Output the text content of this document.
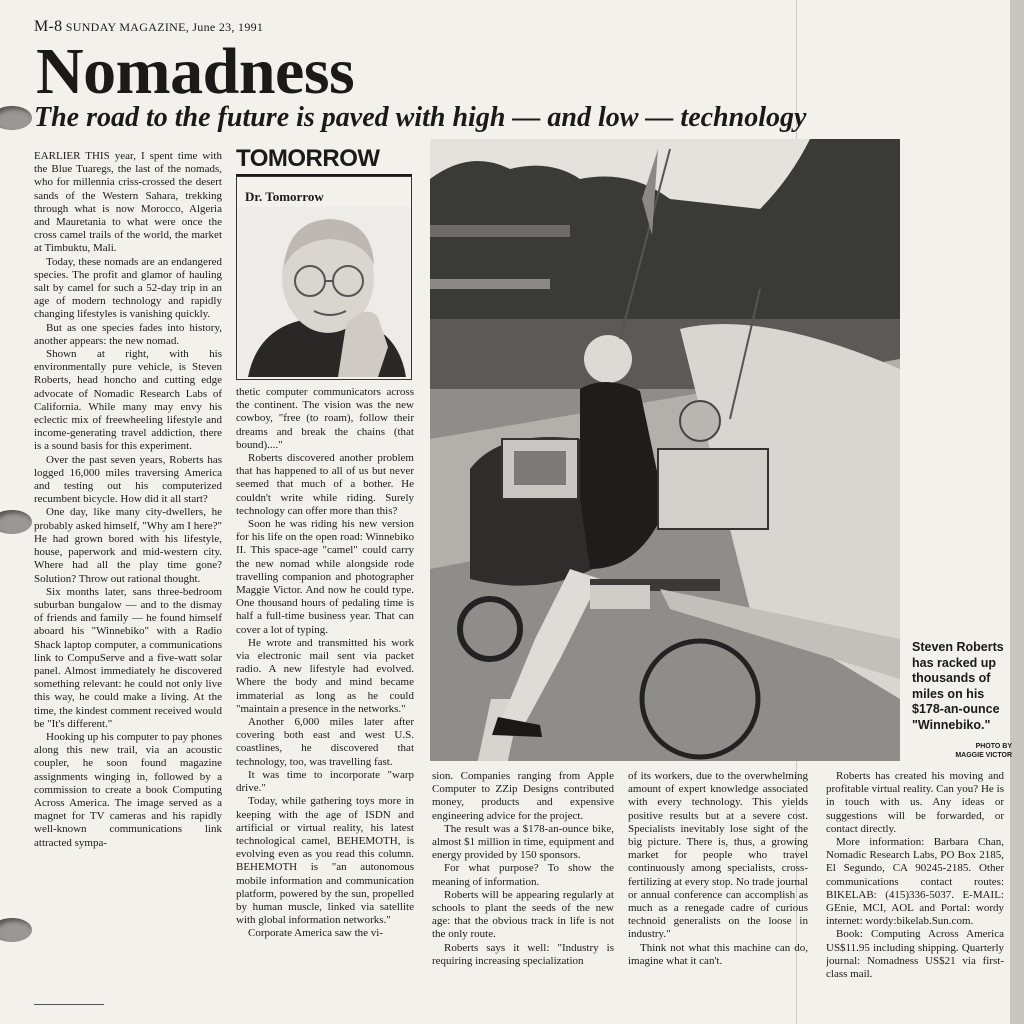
M-8 SUNDAY MAGAZINE, June 23, 1991
Nomadness
The road to the future is paved with high — and low — technology

EARLIER THIS year, I spent time with the Blue Tuaregs, the last of the nomads, who for millennia criss-crossed the desert sands of the Western Sahara, trekking through what is now Morocco, Algeria and Mauretania to what were once the cross camel trails of the world, the market at Timbuktu, Mali.

Today, these nomads are an endangered species. The profit and glamor of hauling salt by camel for such a 52-day trip in an age of modern technology and rapidly changing lifestyles is vanishing quickly.

But as one species fades into history, another appears: the new nomad.

Shown at right, with his environmentally pure vehicle, is Steven Roberts, head honcho and cutting edge advocate of Nomadic Research Labs of California. While many may envy his eclectic mix of freewheeling lifestyle and income-generating travel addiction, there is a sound basis for this experiment.

Over the past seven years, Roberts has logged 16,000 miles traversing America and testing out his computerized recumbent bicycle. How did it all start?

One day, like many city-dwellers, he probably asked himself, "Why am I here?" He had grown bored with his lifestyle, house, paperwork and mid-western city. Where had all the play time gone? Solution? Throw out rational thought.

Six months later, sans three-bedroom suburban bungalow — and to the dismay of friends and family — he found himself aboard his "Winnebiko" with a Radio Shack laptop computer, a communications link to CompuServe and a five-watt solar panel. Almost immediately he discovered something relevant: he could not only live this way, he could make a living. At the time, the kindest comment received would be "It's different."

Hooking up his computer to pay phones along this new trail, via an acoustic coupler, he soon found magazine assignments winging in, followed by a commission to create a book Computing Across America. The image served as a magnet for TV cameras and his rapidly well-known communications link attracted sympa-

TOMORROW
Dr. Tomorrow

thetic computer communicators across the continent. The vision was the new cowboy, "free (to roam), follow their dreams and break the chains (that bound)...."

Roberts discovered another problem that has happened to all of us but never seemed that much of a bother. He couldn't write while riding. Surely technology can offer more than this?

Soon he was riding his new version for his life on the open road: Winnebiko II. This space-age "camel" could carry the new nomad while alongside rode travelling companion and photographer Maggie Victor. And now he could type. One thousand hours of pedaling time is half a full-time business year. That can cover a lot of typing.

He wrote and transmitted his work via electronic mail sent via packet radio. A new lifestyle had evolved. Where the body and mind became immaterial as long as he could "maintain a presence in the networks."

Another 6,000 miles later after covering both east and west U.S. coastlines, he discovered that technology, too, was travelling fast.

It was time to incorporate "warp drive."

Today, while gathering toys more in keeping with the age of ISDN and artificial or virtual reality, his latest technological camel, BEHEMOTH, is evolving even as you read this column. BEHEMOTH is "an autonomous mobile information and communication platform, powered by the sun, propelled by human muscle, linked via satellite with global information networks."

Corporate America saw the vi-

Steven Roberts has racked up thousands of miles on his $178-an-ounce "Winnebiko."
PHOTO BY
MAGGIE VICTOR

sion. Companies ranging from Apple Computer to ZZip Designs contributed money, products and expensive engineering advice for the project.

The result was a $178-an-ounce bike, almost $1 million in time, equipment and energy provided by 150 sponsors.

For what purpose? To show the meaning of information.

Roberts will be appearing regularly at schools to plant the seeds of the new age: that the obvious track in life is not the only route.

Roberts says it well: "Industry is requiring increasing specialization

of its workers, due to the overwhelming amount of expert knowledge associated with every technology. This yields positive results but at a severe cost. Specialists inevitably lose sight of the big picture. There is, thus, a growing market for people who travel continuously among specialists, cross-fertilizing at every stop. No trade journal or annual conference can accomplish as much as a renegade cadre of curious technoid generalists on the loose in industry."

Think not what this machine can do, imagine what it can't.

Roberts has created his moving and profitable virtual reality. Can you? He is in touch with us. Any ideas or suggestions will be forwarded, or contact directly.

More information: Barbara Chan, Nomadic Research Labs, PO Box 2185, El Segundo, CA 90245-2185. Other communications contact routes: BIKELAB: (415)336-5037. E-MAIL: GEnie, MCI, AOL and Portal: wordy internet: wordy:bikelab.Sun.com.

Book: Computing Across America US$11.95 including shipping. Quarterly journal: Nomadness US$21 via first-class mail.
